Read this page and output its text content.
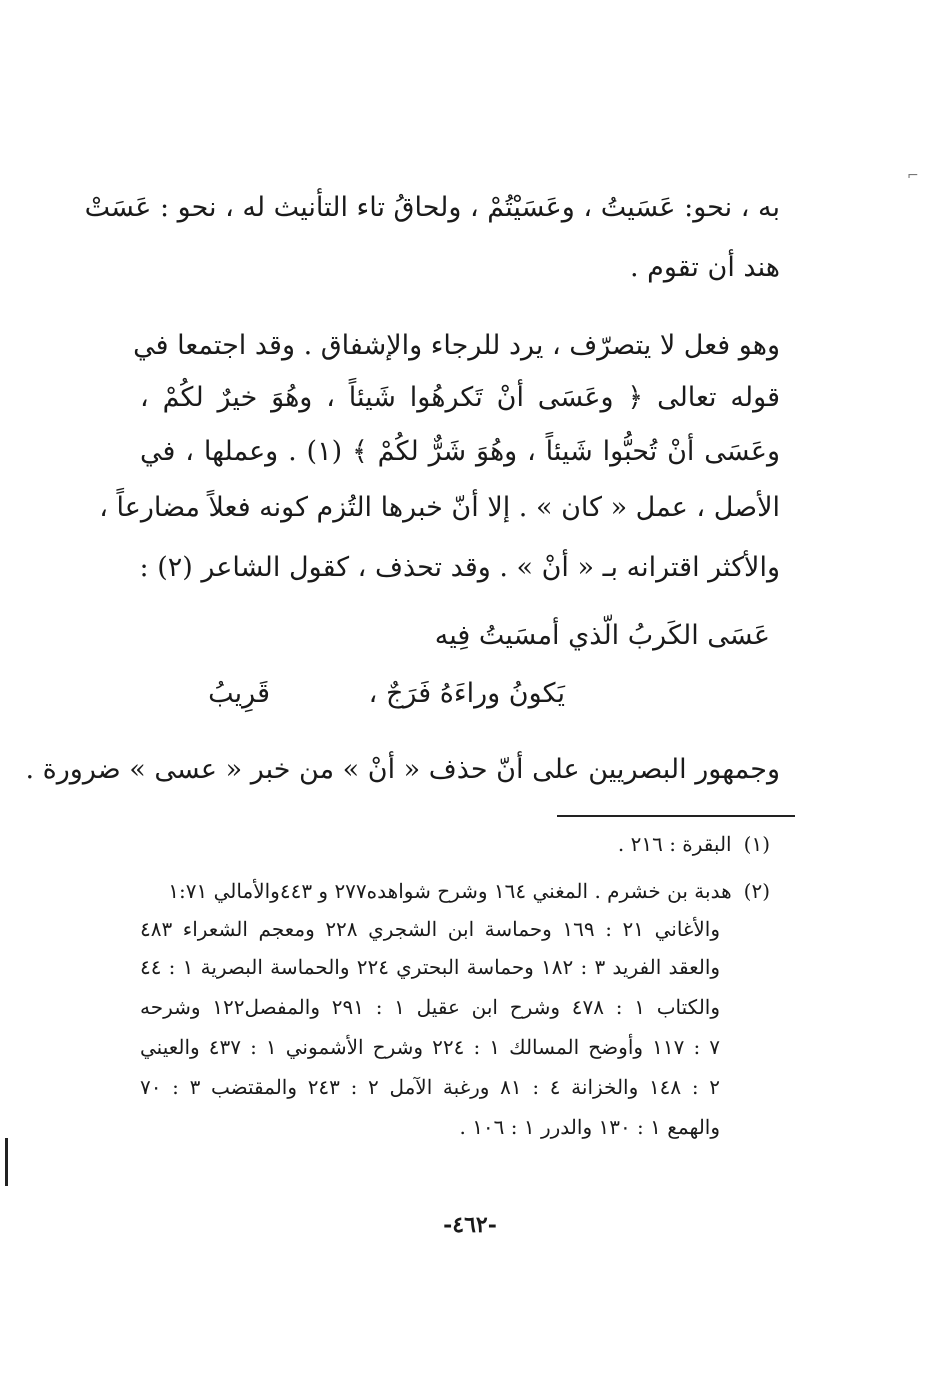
⌐
به ، نحو: عَسَيتُ ، وعَسَيْتُمْ ، ولحاقُ تاء التأنيث له ، نحو : عَسَتْ
هند أن تقوم .
وهو فعل لا يتصرّف ، يرد للرجاء والإشفاق . وقد اجتمعا في
قوله تعالى ﴿ وعَسَى أنْ تَكرهُوا شَيئاً ، وهُوَ خيرٌ لكُمْ ،
وعَسَى أنْ تُحبُّوا شَيئاً ، وهُوَ شَرٌّ لكُمْ ﴾ (١) . وعملها ، في
الأصل ، عمل « كان » . إلا أنّ خبرها التُزم كونه فعلاً مضارعاً ،
والأكثر اقترانه بـ « أنْ » . وقد تحذف ، كقول الشاعر (٢) :
عَسَى الكَربُ الّذي أمسَيتُ فِيه
يَكونُ وراءَهُ فَرَجٌ ،
قَرِيبُ
وجمهور البصريين على أنّ حذف « أنْ » من خبر « عسى » ضرورة .
(١)البقرة : ٢١٦ .
(٢)هدبة بن خشرم . المغني ١٦٤ وشرح شواهده٢٧٧ و ٤٤٣والأمالي ١:٧١
والأغاني ٢١ : ١٦٩ وحماسة ابن الشجري ٢٢٨ ومعجم الشعراء ٤٨٣
والعقد الفريد ٣ : ١٨٢ وحماسة البحتري ٢٢٤ والحماسة البصرية ١ : ٤٤
والكتاب ١ : ٤٧٨ وشرح ابن عقيل ١ : ٢٩١ والمفصل١٢٢ وشرحه
٧ : ١١٧ وأوضح المسالك ١ : ٢٢٤ وشرح الأشموني ١ : ٤٣٧ والعيني
٢ : ١٤٨ والخزانة ٤ : ٨١ ورغبة الآمل ٢ : ٢٤٣ والمقتضب ٣ : ٧٠
والهمع ١ : ١٣٠ والدرر ١ : ١٠٦ .
-٤٦٢-
